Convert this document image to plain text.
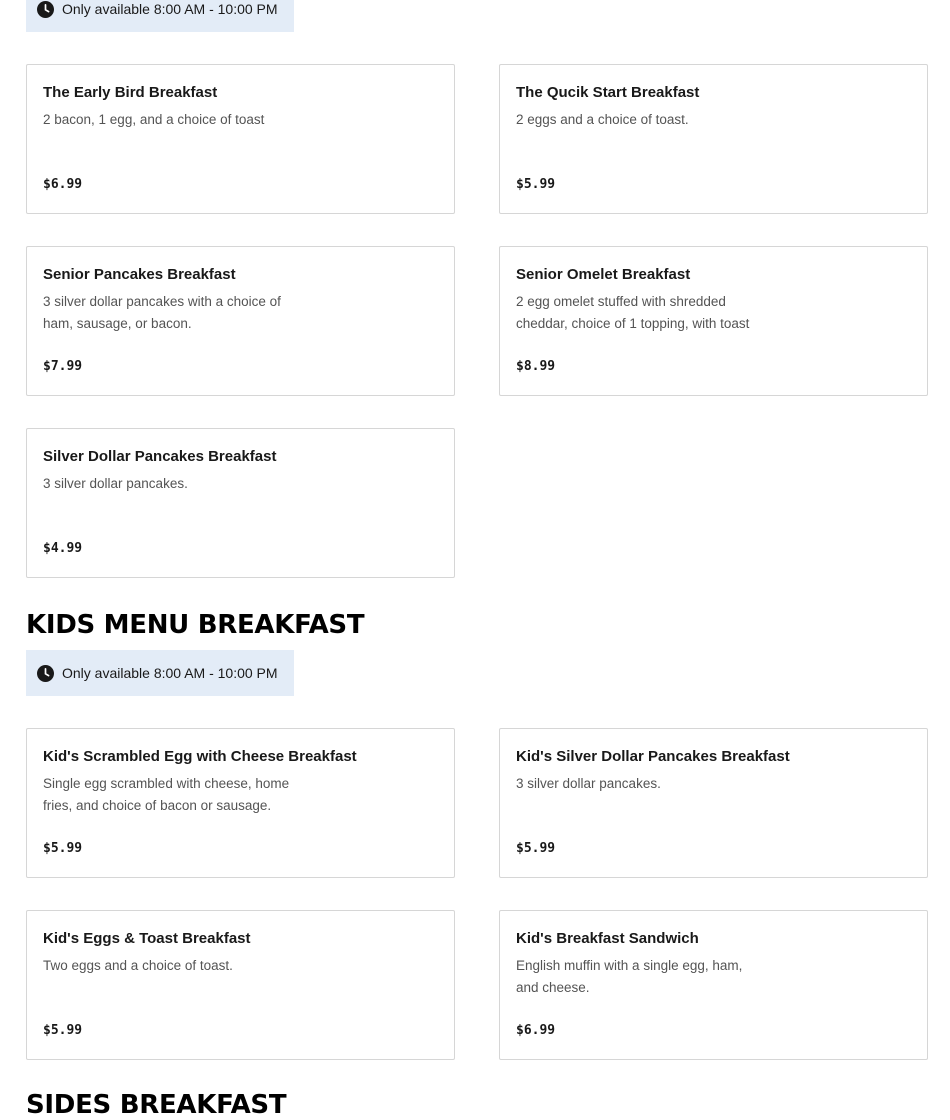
Only available 8:00 AM - 10:00 PM
The Early Bird Breakfast
2 bacon, 1 egg, and a choice of toast
$6.99
The Qucik Start Breakfast
2 eggs and a choice of toast.
$5.99
Senior Pancakes Breakfast
3 silver dollar pancakes with a choice of ham, sausage, or bacon.
$7.99
Senior Omelet Breakfast
2 egg omelet stuffed with shredded cheddar, choice of 1 topping, with toast
$8.99
Silver Dollar Pancakes Breakfast
3 silver dollar pancakes.
$4.99
KIDS MENU BREAKFAST
Only available 8:00 AM - 10:00 PM
Kid's Scrambled Egg with Cheese Breakfast
Single egg scrambled with cheese, home fries, and choice of bacon or sausage.
$5.99
Kid's Silver Dollar Pancakes Breakfast
3 silver dollar pancakes.
$5.99
Kid's Eggs & Toast Breakfast
Two eggs and a choice of toast.
$5.99
Kid's Breakfast Sandwich
English muffin with a single egg, ham, and cheese.
$6.99
SIDES BREAKFAST
